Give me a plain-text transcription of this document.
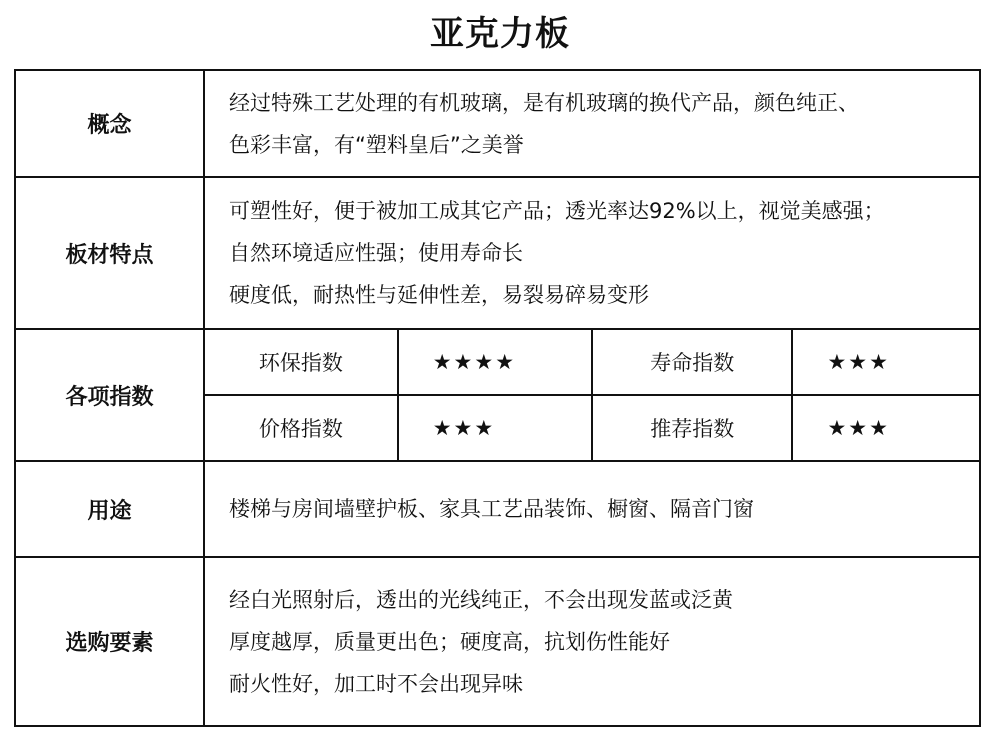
亚克力板
概念	
经过特殊工艺处理的有机玻璃，是有机玻璃的换代产品，颜色纯正、
色彩丰富，有“塑料皇后”之美誉

板材特点	
可塑性好，便于被加工成其它产品；透光率达92%以上，视觉美感强；
自然环境适应性强；使用寿命长
硬度低，耐热性与延伸性差，易裂易碎易变形

各项指数	
环保指数	★★★★	寿命指数	★★★
价格指数	★★★	推荐指数	★★★

用途	楼梯与房间墙壁护板、家具工艺品装饰、橱窗、隔音门窗

选购要素	
经白光照射后，透出的光线纯正，不会出现发蓝或泛黄
厚度越厚，质量更出色；硬度高，抗划伤性能好
耐火性好，加工时不会出现异味
